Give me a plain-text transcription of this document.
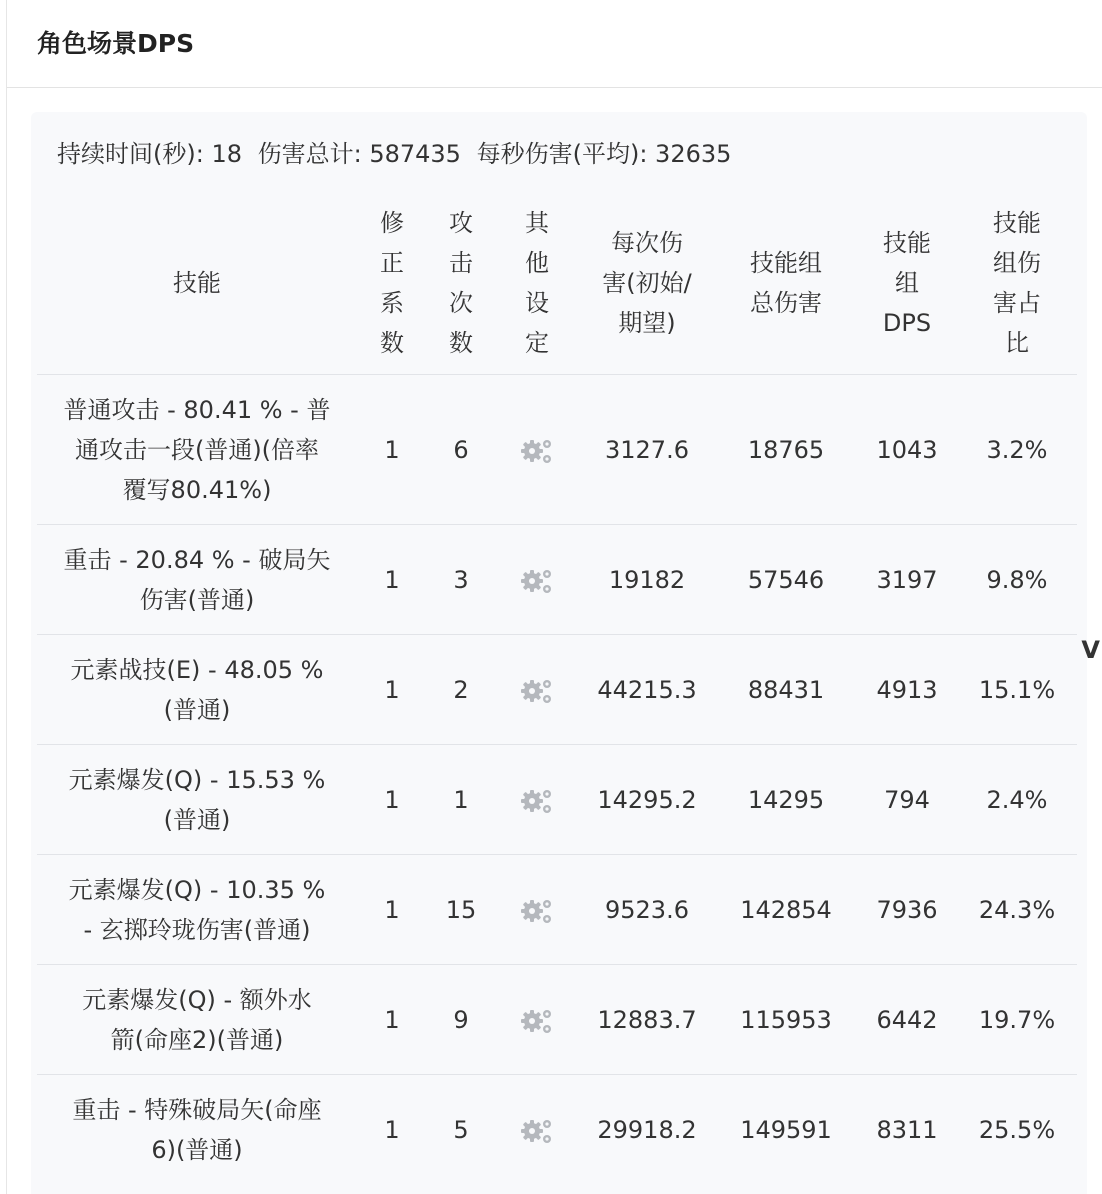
角色场景DPS
持续时间(秒): 18 伤害总计: 587435 每秒伤害(平均): 32635
技能	修
正
系
数	攻
击
次
数	其
他
设
定	每次伤
害(初始/
期望)	技能组
总伤害	技能
组
DPS	技能
组伤
害占
比

普通攻击 - 80.41 % - 普
通攻击一段(普通)(倍率
覆写80.41%)	1	6		3127.6	18765	1043	3.2%

重击 - 20.84 % - 破局矢
伤害(普通)	1	3		19182	57546	3197	9.8%

元素战技(E) - 48.05 %
(普通)	1	2		44215.3	88431	4913	15.1%

元素爆发(Q) - 15.53 %
(普通)	1	1		14295.2	14295	794	2.4%

元素爆发(Q) - 10.35 %
- 玄掷玲珑伤害(普通)	1	15		9523.6	142854	7936	24.3%

元素爆发(Q) - 额外水
箭(命座2)(普通)	1	9		12883.7	115953	6442	19.7%

重击 - 特殊破局矢(命座
6)(普通)	1	5		29918.2	149591	8311	25.5%
V
